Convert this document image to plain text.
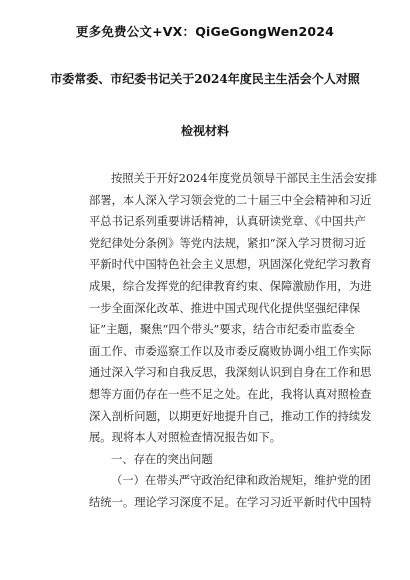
更多免费公文+VX：QiGeGongWen2024
市委常委、市纪委书记关于2024年度民主生活会个人对照
检视材料
按照关于开好2024年度党员领导干部民主生活会安排
部署，本人深入学习领会党的二十届三中全会精神和习近
平总书记系列重要讲话精神，认真研读党章、《中国共产
党纪律处分条例》等党内法规，紧扣“深入学习贯彻习近
平新时代中国特色社会主义思想，巩固深化党纪学习教育
成果，综合发挥党的纪律教育约束、保障激励作用，为进
一步全面深化改革、推进中国式现代化提供坚强纪律保
证”主题，聚焦“四个带头”要求，结合市纪委市监委全
面工作、市委巡察工作以及市委反腐败协调小组工作实际
通过深入学习和自我反思，我深刻认识到自身在工作和思
想等方面仍存在一些不足之处。在此，我将认真对照检查
深入剖析问题，以期更好地提升自己，推动工作的持续发
展。现将本人对照检查情况报告如下。
一、存在的突出问题
（一）在带头严守政治纪律和政治规矩，维护党的团
结统一。理论学习深度不足。在学习习近平新时代中国特
